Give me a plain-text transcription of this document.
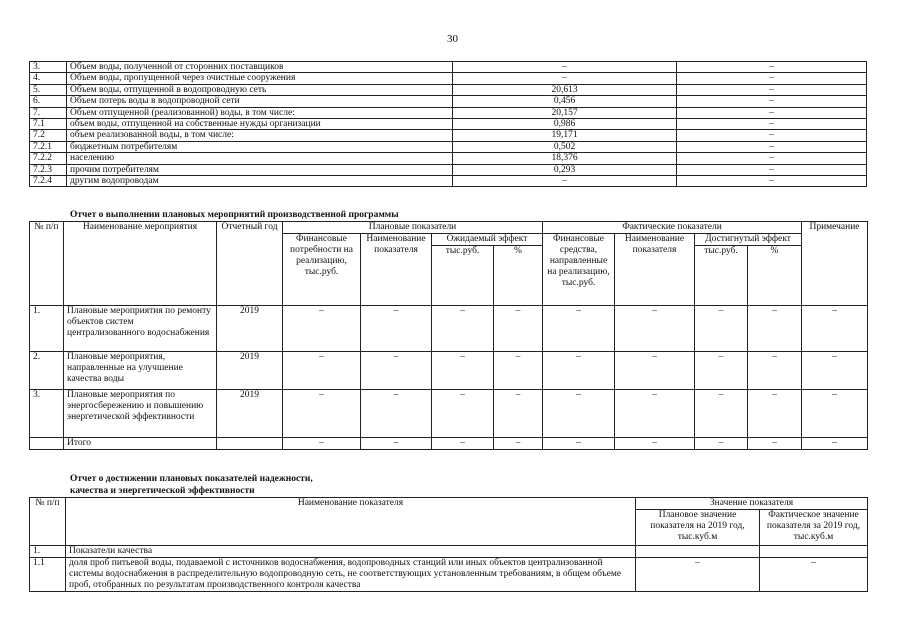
30
3.	Объем воды, полученной от сторонних поставщиков	–	–
4.	Объем воды, пропущенной через очистные сооружения	–	–
5.	Объем воды, отпущенной в водопроводную сеть	20,613	–
6.	Объем потерь воды в водопроводной сети	0,456	–
7.	Объем отпущенной (реализованной) воды, в том числе:	20,157	–
7.1	объем воды, отпущенной на собственные нужды организации	0,986	–
7.2	объем реализованной воды, в том числе:	19,171	–
7.2.1	бюджетным потребителям	0,502	–
7.2.2	населению	18,376	–
7.2.3	прочим потребителям	0,293	–
7.2.4	другим водопроводам	–	–
Отчет о выполнении плановых мероприятий производственной программы
№ п/п	Наименование мероприятия	Отчетный год	Плановые показатели				Фактические показатели				Примечание
			Финансовые потребности на реализацию, тыс.руб.	Наименование показателя	Ожидаемый эффект		Финансовые средства, направленные на реализацию, тыс.руб.	Наименование показателя	Достигнутый эффект		
					тыс.руб.	%			тыс.руб.	%	
1.	Плановые мероприятия по ремонту объектов систем централизованного водоснабжения	2019	–	–	–	–	–	–	–	–	–
2.	Плановые мероприятия, направленные на улучшение качества воды	2019	–	–	–	–	–	–	–	–	–
3.	Плановые мероприятия по энергосбережению и повышению энергетической эффективности	2019	–	–	–	–	–	–	–	–	–
	Итого		–	–	–	–	–	–	–	–	–
Отчет о достижении плановых показателей надежности,
качества и энергетической эффективности
№ п/п	Наименование показателя	Значение показателя	
		Плановое значение показателя на 2019 год, тыс.куб.м	Фактическое значение показателя за 2019 год, тыс.куб.м
1.	Показатели качества		
1.1	доля проб питьевой воды, подаваемой с источников водоснабжения, водопроводных станций или иных объектов централизованной системы водоснабжения в распределительную водопроводную сеть, не соответствующих установленным требованиям, в общем объеме проб, отобранных по результатам производственного контроля качества	–	–
